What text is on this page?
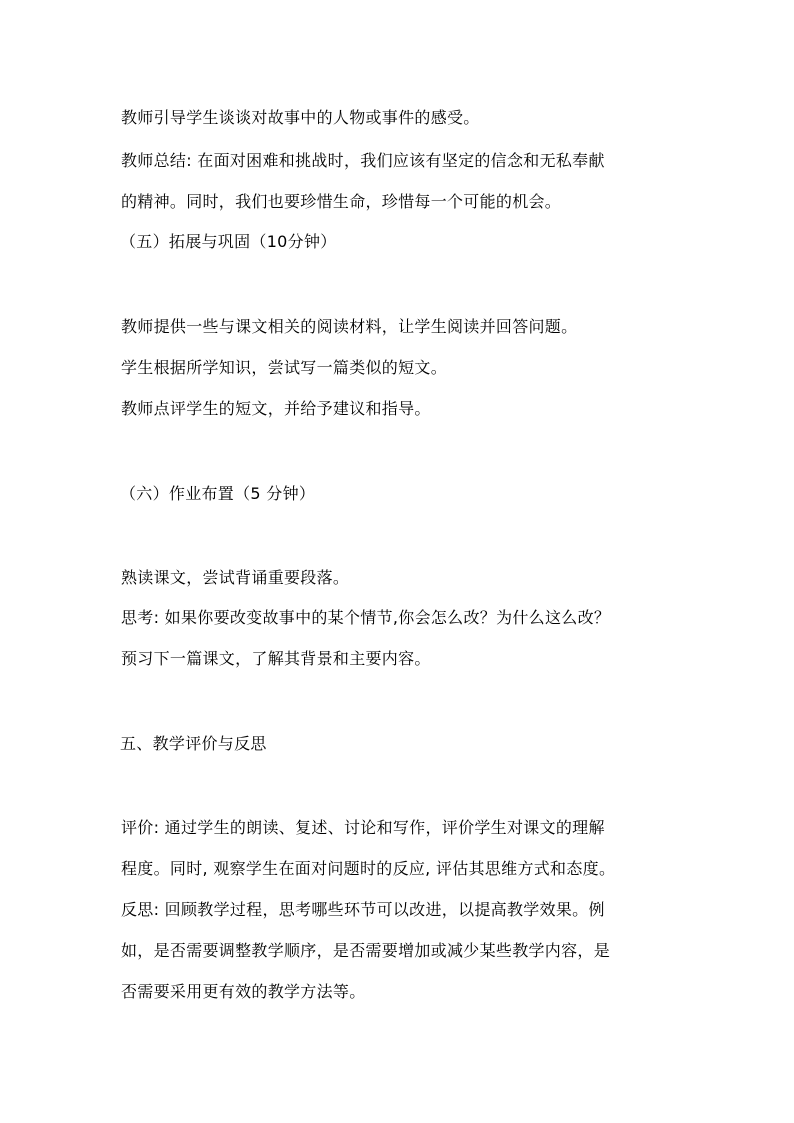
教师引导学生谈谈对故事中的人物或事件的感受。
教师总结: 在面对困难和挑战时，我们应该有坚定的信念和无私奉献
的精神。同时，我们也要珍惜生命，珍惜每一个可能的机会。
（五）拓展与巩固（10分钟）
教师提供一些与课文相关的阅读材料，让学生阅读并回答问题。
学生根据所学知识，尝试写一篇类似的短文。
教师点评学生的短文，并给予建议和指导。
（六）作业布置（5 分钟）
熟读课文，尝试背诵重要段落。
思考: 如果你要改变故事中的某个情节,你会怎么改？为什么这么改？
预习下一篇课文，了解其背景和主要内容。
五、教学评价与反思
评价: 通过学生的朗读、复述、讨论和写作，评价学生对课文的理解
程度。同时, 观察学生在面对问题时的反应, 评估其思维方式和态度。
反思: 回顾教学过程，思考哪些环节可以改进，以提高教学效果。例
如，是否需要调整教学顺序，是否需要增加或减少某些教学内容，是
否需要采用更有效的教学方法等。
